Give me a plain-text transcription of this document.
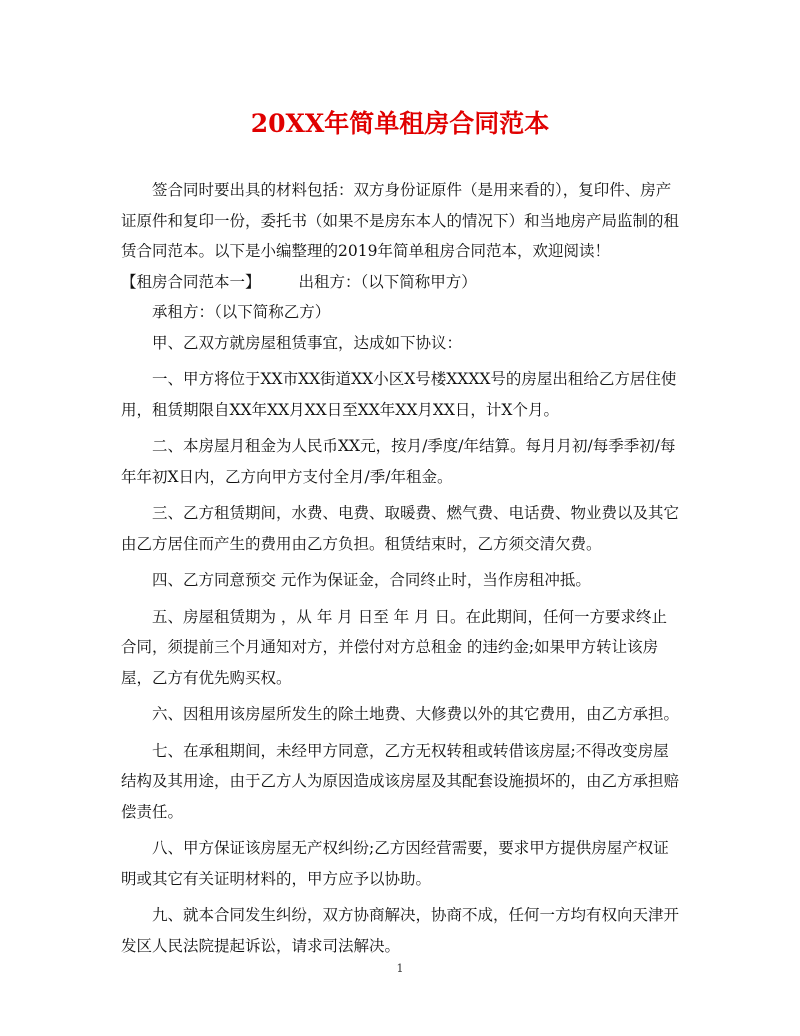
20XX年简单租房合同范本

签合同时要出具的材料包括：双方身份证原件（是用来看的），复印件、房产证原件和复印一份，委托书（如果不是房东本人的情况下）和当地房产局监制的租赁合同范本。以下是小编整理的2019年简单租房合同范本，欢迎阅读！

【租房合同范本一】 出租方：（以下简称甲方）

承租方：（以下简称乙方）

甲、乙双方就房屋租赁事宜，达成如下协议：

一、甲方将位于XX市XX街道XX小区X号楼XXXX号的房屋出租给乙方居住使用，租赁期限自XX年XX月XX日至XX年XX月XX日，计X个月。

二、本房屋月租金为人民币XX元，按月/季度/年结算。每月月初/每季季初/每年年初X日内，乙方向甲方支付全月/季/年租金。

三、乙方租赁期间，水费、电费、取暖费、燃气费、电话费、物业费以及其它由乙方居住而产生的费用由乙方负担。租赁结束时，乙方须交清欠费。

四、乙方同意预交 元作为保证金，合同终止时，当作房租冲抵。

五、房屋租赁期为 ，从 年 月 日至 年 月 日。在此期间，任何一方要求终止合同，须提前三个月通知对方，并偿付对方总租金 的违约金;如果甲方转让该房屋，乙方有优先购买权。

六、因租用该房屋所发生的除土地费、大修费以外的其它费用，由乙方承担。

七、在承租期间，未经甲方同意，乙方无权转租或转借该房屋;不得改变房屋结构及其用途，由于乙方人为原因造成该房屋及其配套设施损坏的，由乙方承担赔偿责任。

八、甲方保证该房屋无产权纠纷;乙方因经营需要，要求甲方提供房屋产权证明或其它有关证明材料的，甲方应予以协助。

九、就本合同发生纠纷，双方协商解决，协商不成，任何一方均有权向天津开发区人民法院提起诉讼，请求司法解决。

1
